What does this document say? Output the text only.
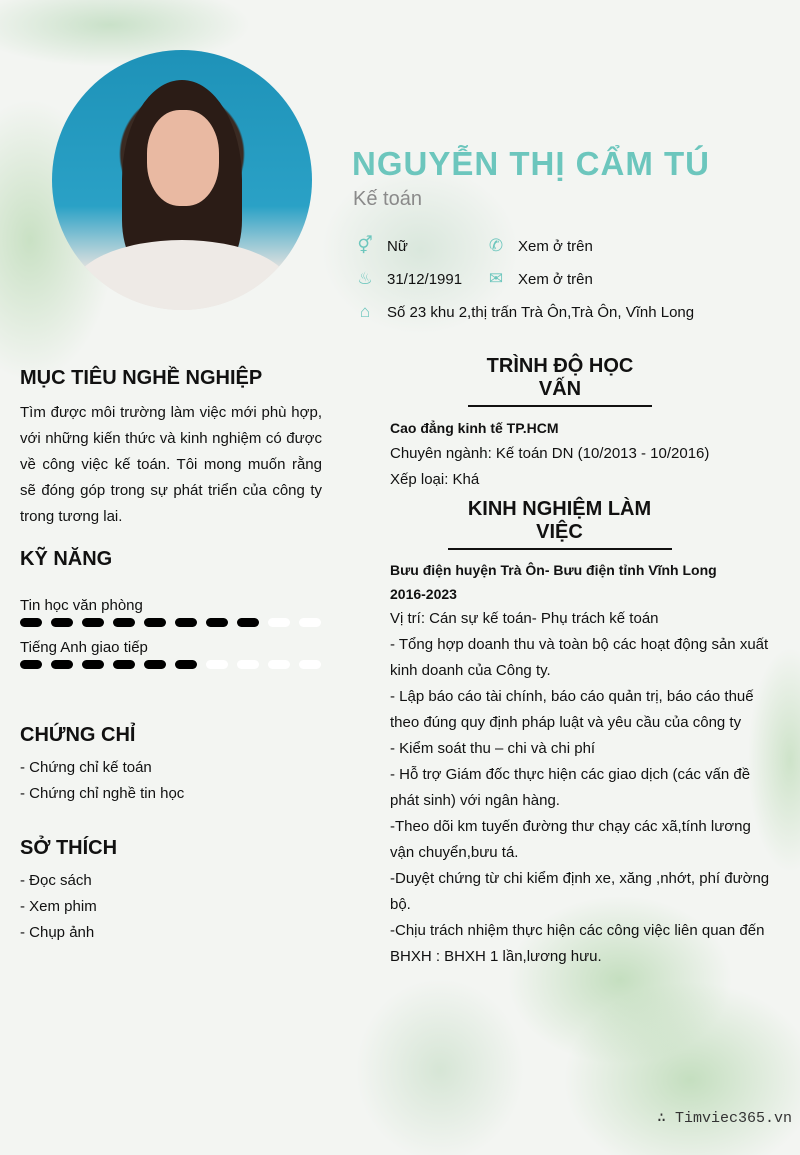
NGUYỄN THỊ CẨM TÚ
Kế toán
⚥ Nữ	✆ Xem ở trên
♨ 31/12/1991 ✉ Xem ở trên
⌂	Số 23 khu 2,thị trấn Trà Ôn,Trà Ôn, Vĩnh Long
MỤC TIÊU NGHỀ NGHIỆP

Tìm được môi trường làm việc mới phù hợp, với những kiến thức và kinh nghiệm có được về công việc kế toán. Tôi mong muốn rằng sẽ đóng góp trong sự phát triển của công ty trong tương lai.

KỸ NĂNG
Tin học văn phòng
Tiếng Anh giao tiếp
CHỨNG CHỈ
- Chứng chỉ kế toán
- Chứng chỉ nghề tin học
SỞ THÍCH
- Đọc sách
- Xem phim
- Chụp ảnh
TRÌNH ĐỘ HỌC VẤN

Cao đẳng kinh tế TP.HCM

Chuyên ngành: Kế toán DN (10/2013 - 10/2016)

Xếp loại: Khá

KINH NGHIỆM LÀM VIỆC

Bưu điện huyện Trà Ôn- Bưu điện tỉnh Vĩnh Long

2016-2023

Vị trí: Cán sự kế toán- Phụ trách kế toán

- Tổng hợp doanh thu và toàn bộ các hoạt động sản xuất kinh doanh của Công ty.
- Lập báo cáo tài chính, báo cáo quản trị, báo cáo thuế theo đúng quy định pháp luật và yêu cầu của công ty
- Kiểm soát thu – chi và chi phí
- Hỗ trợ Giám đốc thực hiện các giao dịch (các vấn đề phát sinh) với ngân hàng.
-Theo dõi km tuyến đường thư chạy các xã,tính lương vận chuyển,bưu tá.
-Duyệt chứng từ chi kiểm định xe, xăng ,nhớt, phí đường bộ.
-Chịu trách nhiệm thực hiện các công việc liên quan đến BHXH : BHXH 1 lần,lương hưu.
∴ Timviec365.vn
